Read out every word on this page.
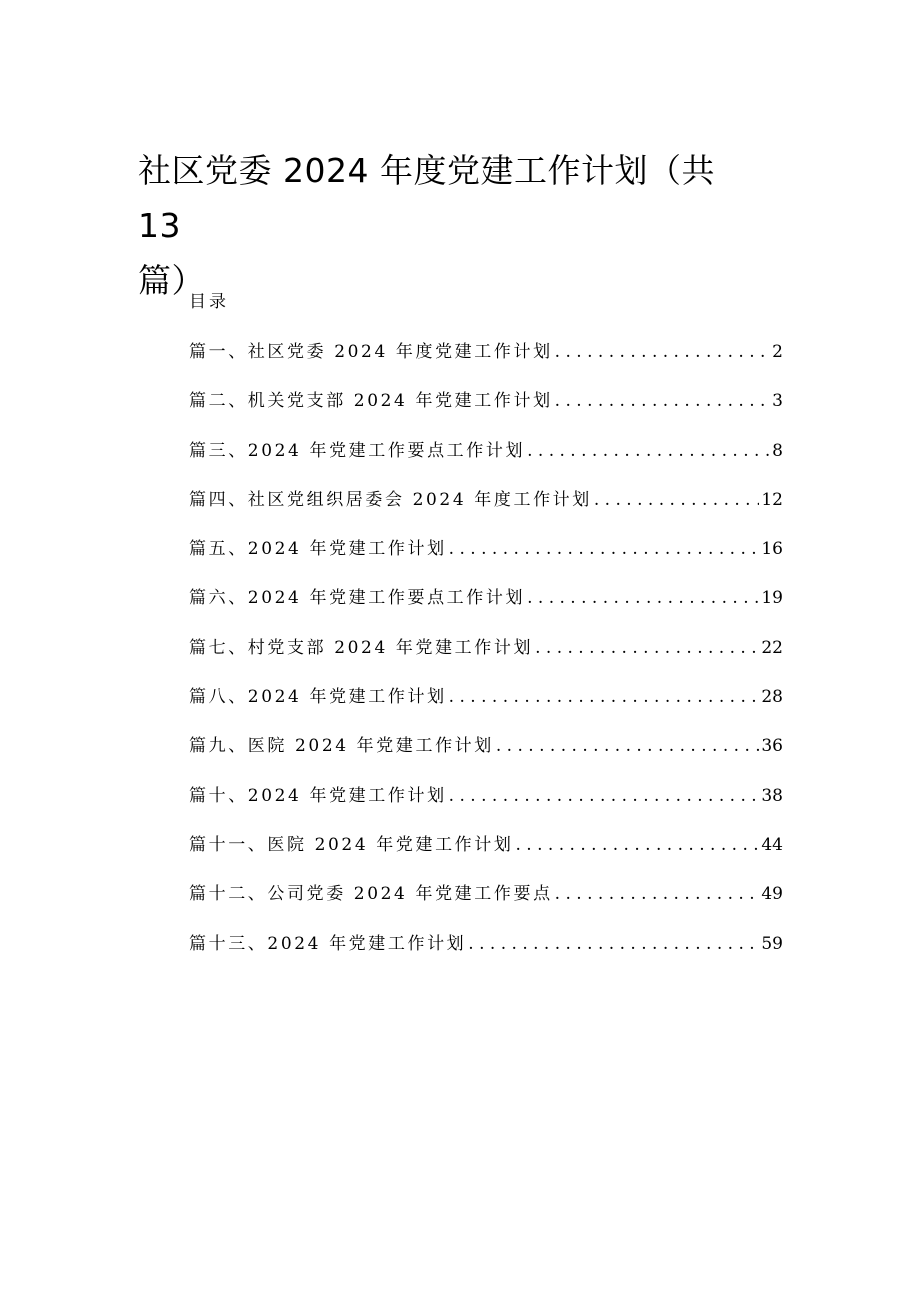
社区党委 2024 年度党建工作计划（共 13
篇）
目录
篇一、社区党委 2024 年度党建工作计划 . . .	2
篇二、机关党支部 2024 年党建工作计划 . . .	3
篇三、2024 年党建工作要点工作计划 . . .	8
篇四、社区党组织居委会 2024 年度工作计划 . . .	12
篇五、2024 年党建工作计划 . . .	16
篇六、2024 年党建工作要点工作计划 . . .	19
篇七、村党支部 2024 年党建工作计划 . . .	22
篇八、2024 年党建工作计划 . . .	28
篇九、医院 2024 年党建工作计划 . . .	36
篇十、2024 年党建工作计划 . . .	38
篇十一、医院 2024 年党建工作计划 . . .	44
篇十二、公司党委 2024 年党建工作要点 . . .	49
篇十三、2024 年党建工作计划 . . .	59
